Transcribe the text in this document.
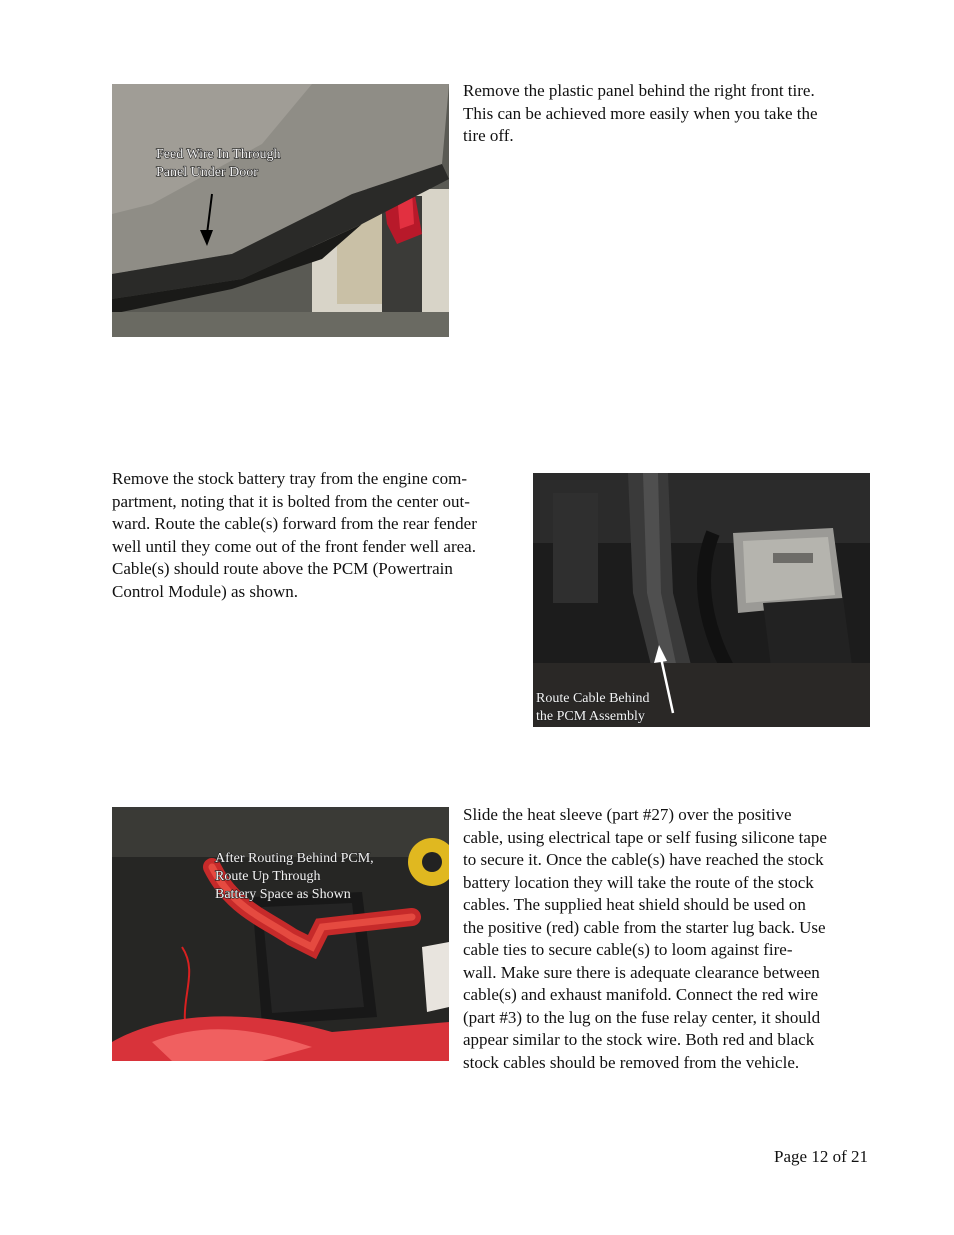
Feed Wire In Through
Panel Under Door

Remove the plastic panel behind the right front tire.
This can be achieved more easily when you take the
tire off.

Remove the stock battery tray from the engine com-
partment, noting that it is bolted from the center out-
ward. Route the cable(s) forward from the rear fender
well until they come out of the front fender well area.
Cable(s) should route above the PCM (Powertrain
Control Module) as shown.

Route Cable Behind
the PCM Assembly
After Routing Behind PCM,
Route Up Through
Battery Space as Shown

Slide the heat sleeve (part #27) over the positive
cable, using electrical tape or self fusing silicone tape
to secure it. Once the cable(s) have reached the stock
battery location they will take the route of the stock
cables. The supplied heat shield should be used on
the positive (red) cable from the starter lug back. Use
cable ties to secure cable(s) to loom against fire-
wall. Make sure there is adequate clearance between
cable(s) and exhaust manifold. Connect the red wire
(part #3) to the lug on the fuse relay center, it should
appear similar to the stock wire. Both red and black
stock cables should be removed from the vehicle.

Page 12 of 21
